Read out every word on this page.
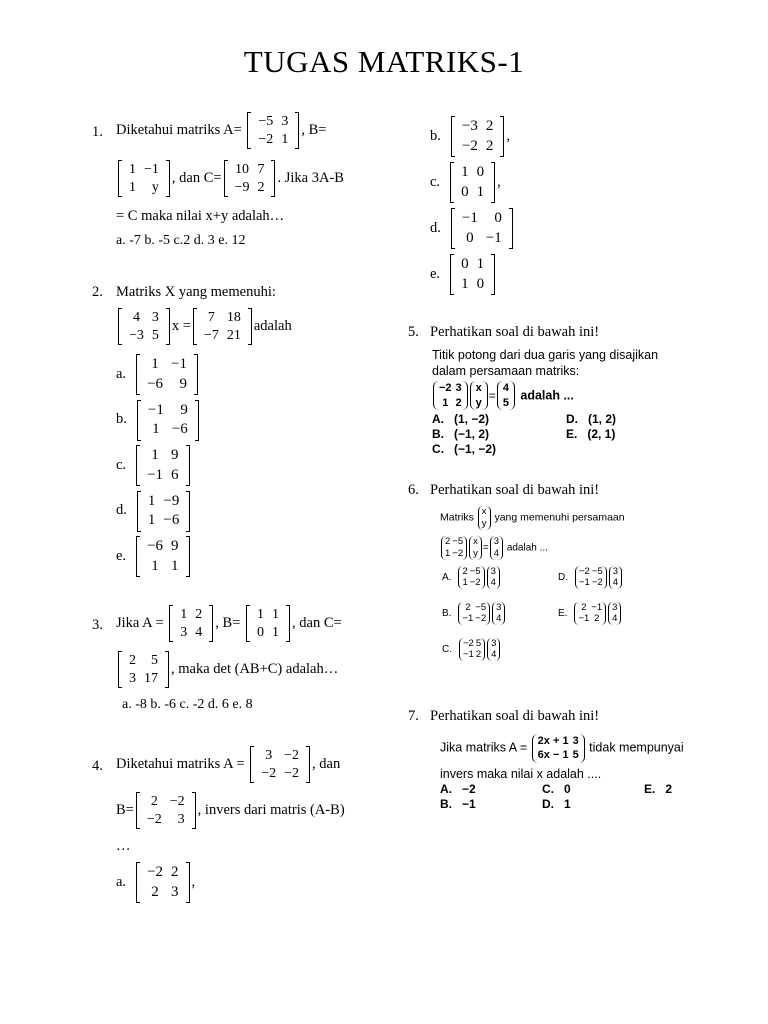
TUGAS MATRIKS-1
1. Diketahui matriks A=
−5	3
−2	1
, B=
1	−1
1	y
, dan C=
10	7
−9	2
. Jika 3A-B
= C maka nilai x+y adalah…
a. -7 b. -5 c.2 d. 3 e. 12
2. Matriks X yang memenuhi:
4	3
−3	5
x =
7	18
−7	21
adalah
a.
1	−1
−6	9
b.
−1	9
1	−6
c.
1	9
−1	6
d.
1	−9
1	−6
e.
−6	9
1	1
3. Jika A =
1	2
3	4
, B=
1	1
0	1
, dan C=
2	5
3	17
, maka det (AB+C) adalah…
a. -8 b. -6 c. -2 d. 6 e. 8
4. Diketahui matriks A =
3	−2
−2	−2
, dan
B=
2	−2
−2	3
, invers dari matris (A-B)
…
a.
−2	2
2	3
,
b.
−3	2
−2	2
,
c.
1	0
0	1
,
d.
−1	0
0	−1
e.
0	1
1	0
5. Perhatikan soal di bawah ini!
Titik potong dari dua garis yang disajikan
dalam persamaan matriks:
−2	3
1	2
x
y =
4
5 adalah ...
A. (1, −2)	D. (1, 2)
B. (−1, 2)	E. (2, 1)
C. (−1, −2)
6. Perhatikan soal di bawah ini!
Matriks
x
y yang memenuhi persamaan
2	−5
1	−2
x
y =
3
4 adalah ...
A.
2	−5
1	−2
3
4	D.
−2	−5
−1	−2
3
4
B.
2	−5
−1	−2
3
4	E.
2	−1
−1	2
3
4
C.
−2	5
−1	2
3
4
7. Perhatikan soal di bawah ini!
Jika matriks A = 2x + 1	3
6x − 1	5
tidak mempunyai
invers maka nilai x adalah ....
A. −2	C. 0	E. 2
B. −1	D. 1
